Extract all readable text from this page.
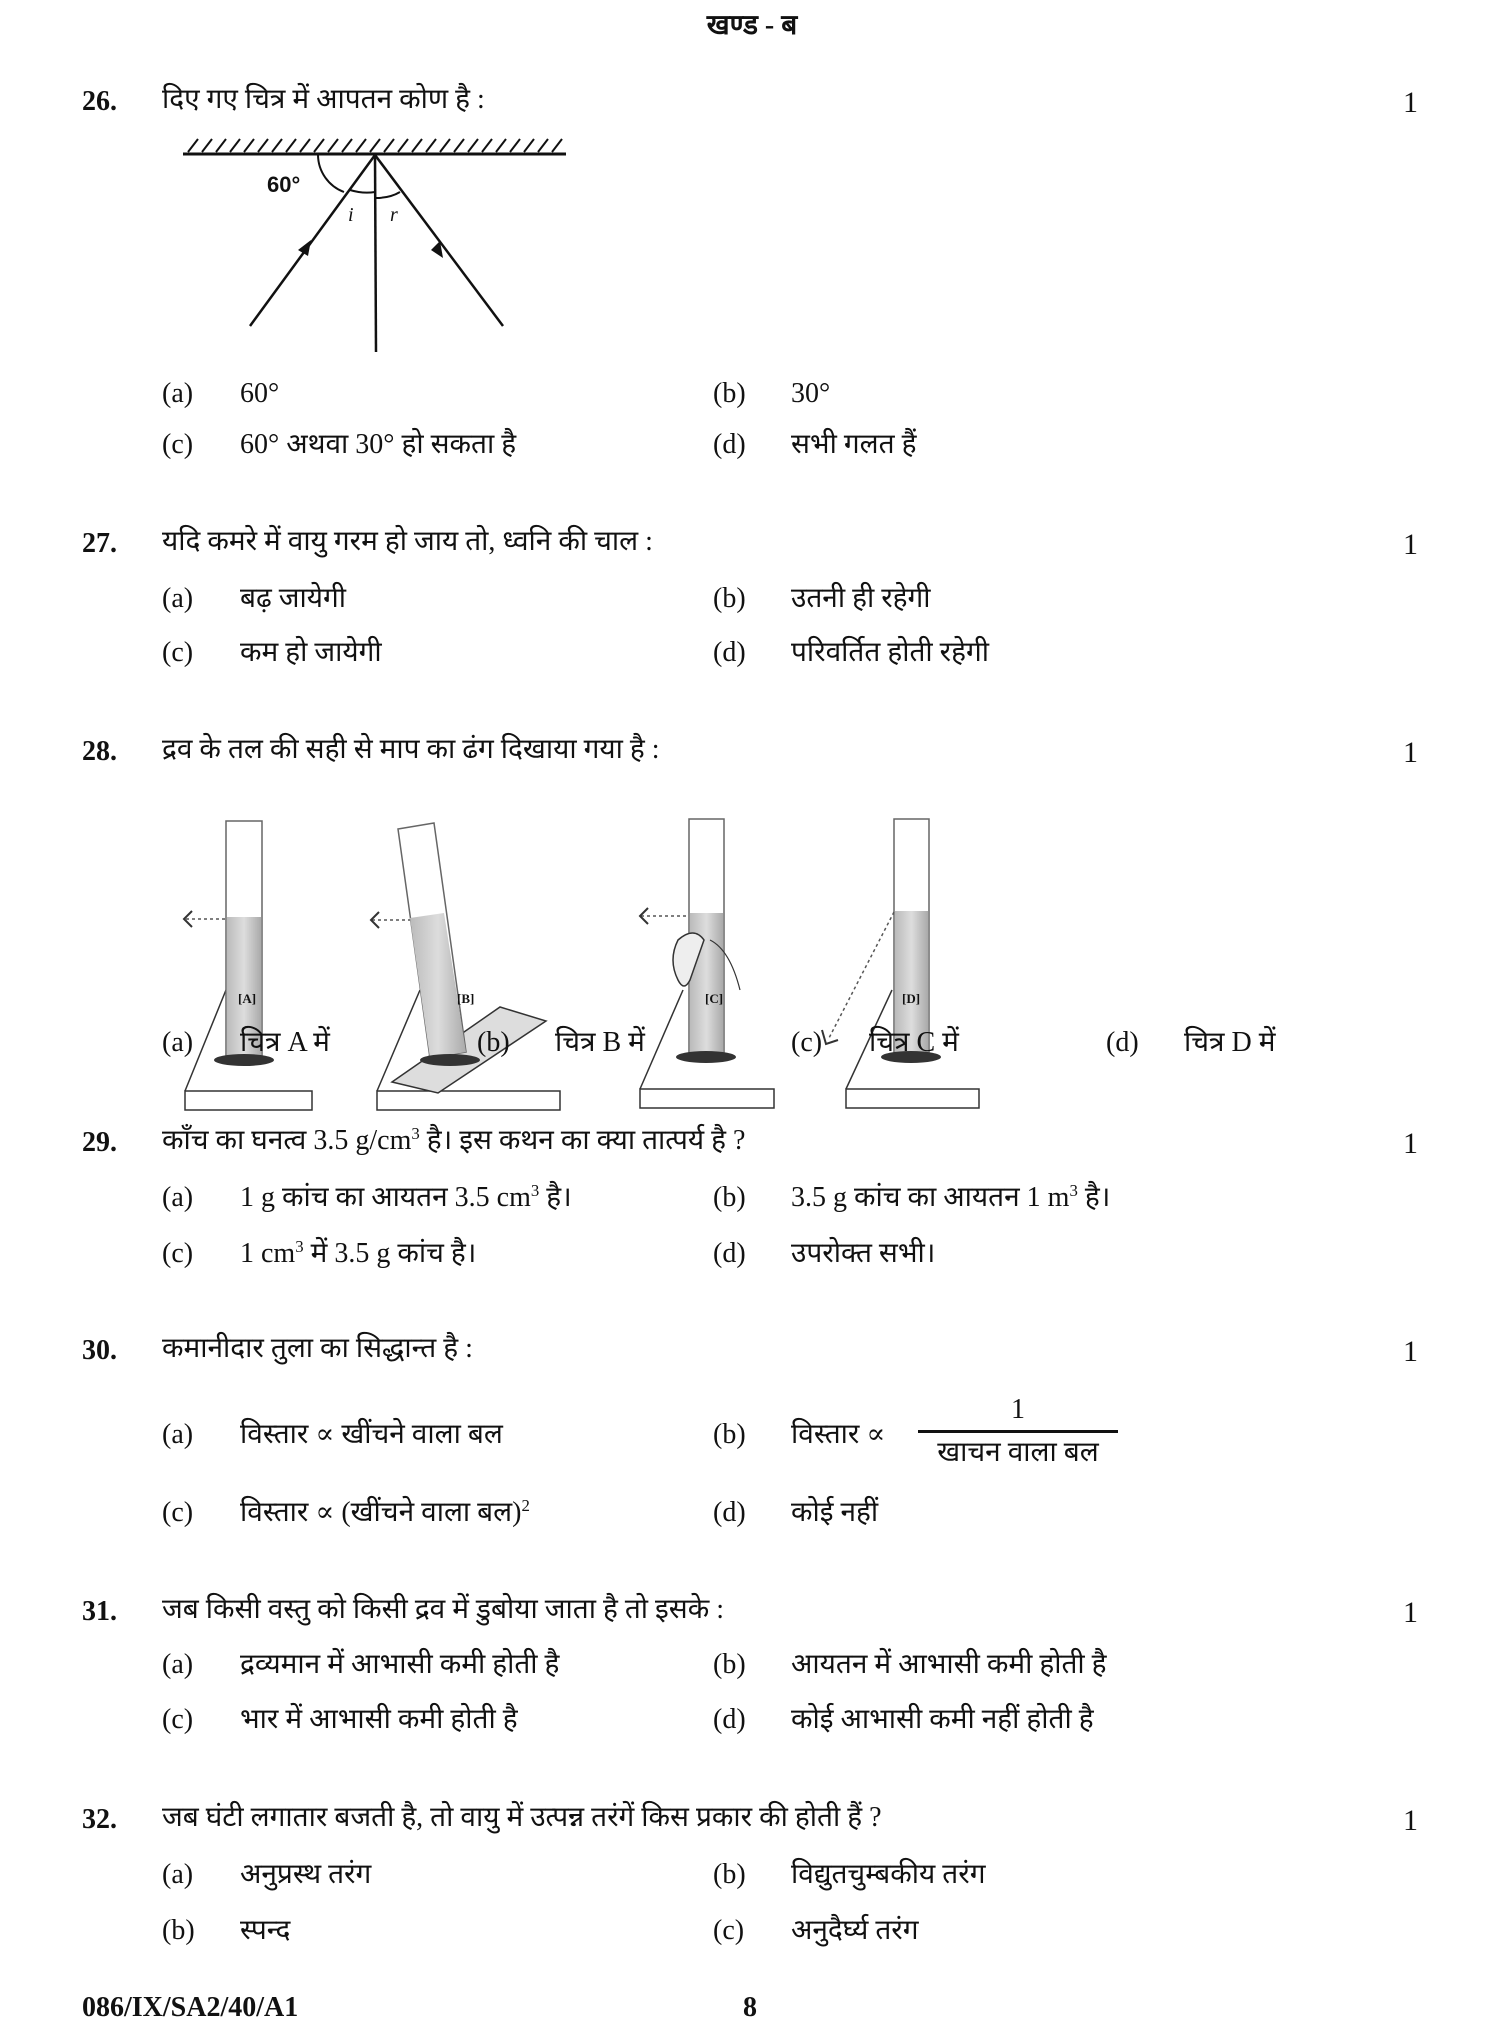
खण्ड - ब
26. दिए गए चित्र में आपतन कोण है :	1
60°
i r
(a) 60°	(b) 30°
(c) 60° अथवा 30° हो सकता है	(d) सभी गलत हैं
27. यदि कमरे में वायु गरम हो जाय तो, ध्वनि की चाल :	1
(a) बढ़ जायेगी	(b) उतनी ही रहेगी
(c) कम हो जायेगी	(d) परिवर्तित होती रहेगी
28. द्रव के तल की सही से माप का ढंग दिखाया गया है :	1
[A]	[B]	[C]	[D]
(a) चित्र A में	(b) चित्र B में	(c) चित्र C में	(d) चित्र D में
29. काँच का घनत्व 3.5 $g/cm^3$ है। इस कथन का क्या तात्पर्य है ?	1
(a) 1 g कांच का आयतन 3.5 $cm^3$ है।	(b) 3.5 g कांच का आयतन 1 $m^3$ है।
(c) 1 $cm^3$ में 3.5 g कांच है।	(d) उपरोक्त सभी।
30. कमानीदार तुला का सिद्धान्त है :	1
(a) विस्तार ∝ खींचने वाला बल	(b) विस्तार ∝
1
खाचन वाला बल
(c) विस्तार ∝ (खींचने वाला बल)$^2$	(d) कोई नहीं
31. जब किसी वस्तु को किसी द्रव में डुबोया जाता है तो इसके :	1
(a) द्रव्यमान में आभासी कमी होती है	(b) आयतन में आभासी कमी होती है
(c) भार में आभासी कमी होती है	(d) कोई आभासी कमी नहीं होती है
32. जब घंटी लगातार बजती है, तो वायु में उत्पन्न तरंगें किस प्रकार की होती हैं ?	1
(a) अनुप्रस्थ तरंग	(b) विद्युतचुम्बकीय तरंग
(b) स्पन्द	(c) अनुदैर्घ्य तरंग
086/IX/SA2/40/A1	8
